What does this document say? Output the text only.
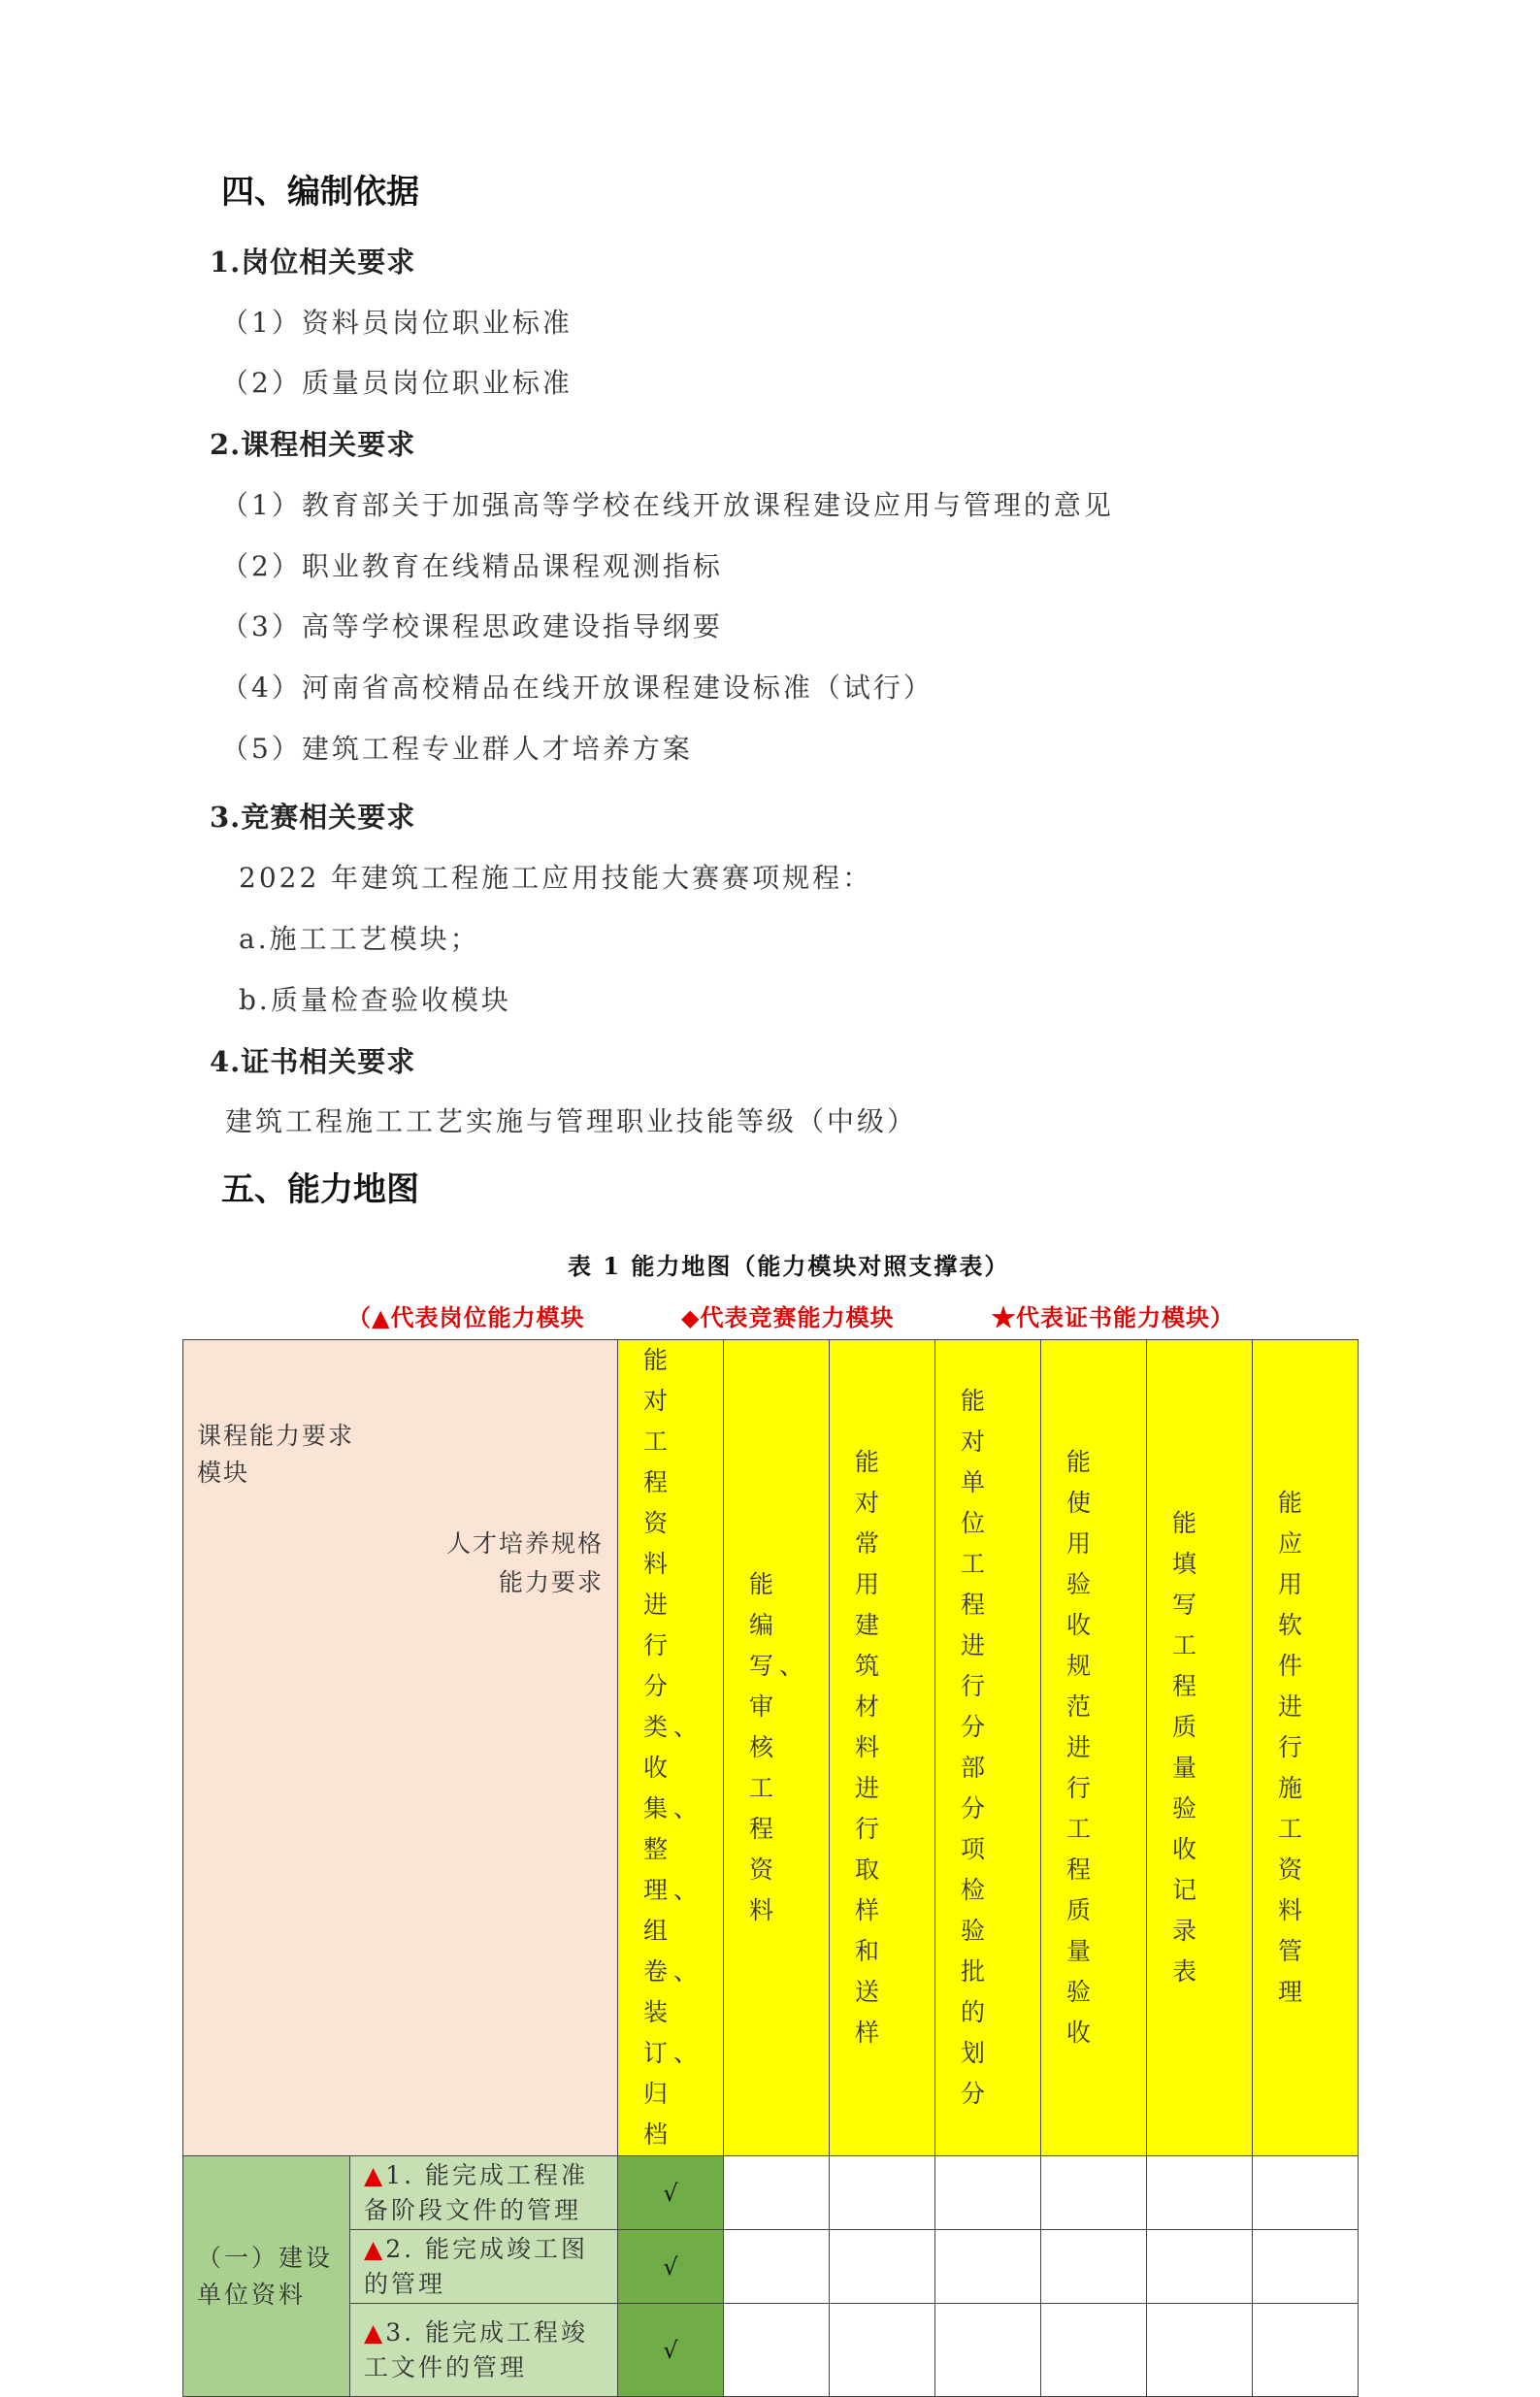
四、编制依据
1.岗位相关要求
（1）资料员岗位职业标准
（2）质量员岗位职业标准
2.课程相关要求
（1）教育部关于加强高等学校在线开放课程建设应用与管理的意见
（2）职业教育在线精品课程观测指标
（3）高等学校课程思政建设指导纲要
（4）河南省高校精品在线开放课程建设标准（试行）
（5）建筑工程专业群人才培养方案
3.竞赛相关要求
2022 年建筑工程施工应用技能大赛赛项规程：
a.施工工艺模块；
b.质量检查验收模块
4.证书相关要求
建筑工程施工工艺实施与管理职业技能等级（中级）
五、能力地图
表 1 能力地图（能力模块对照支撑表）
（▲代表岗位能力模块	◆代表竞赛能力模块	★代表证书能力模块）
课程能力要求模块
人才培养规格
能力要求		能对工程资料进行分类、收集、整理、组卷、装订、归档	能编写、审核工程资料	能对常用建筑材料进行取样和送样	能对单位工程进行分部分项检验批的划分	能使用验收规范进行工程质量验收	能填写工程质量验收记录表	能应用软件进行施工资料管理
（一）建设单位资料	▲1. 能完成工程准备阶段文件的管理	√						
	▲2. 能完成竣工图的管理	√						
	▲3. 能完成工程竣工文件的管理	√						
